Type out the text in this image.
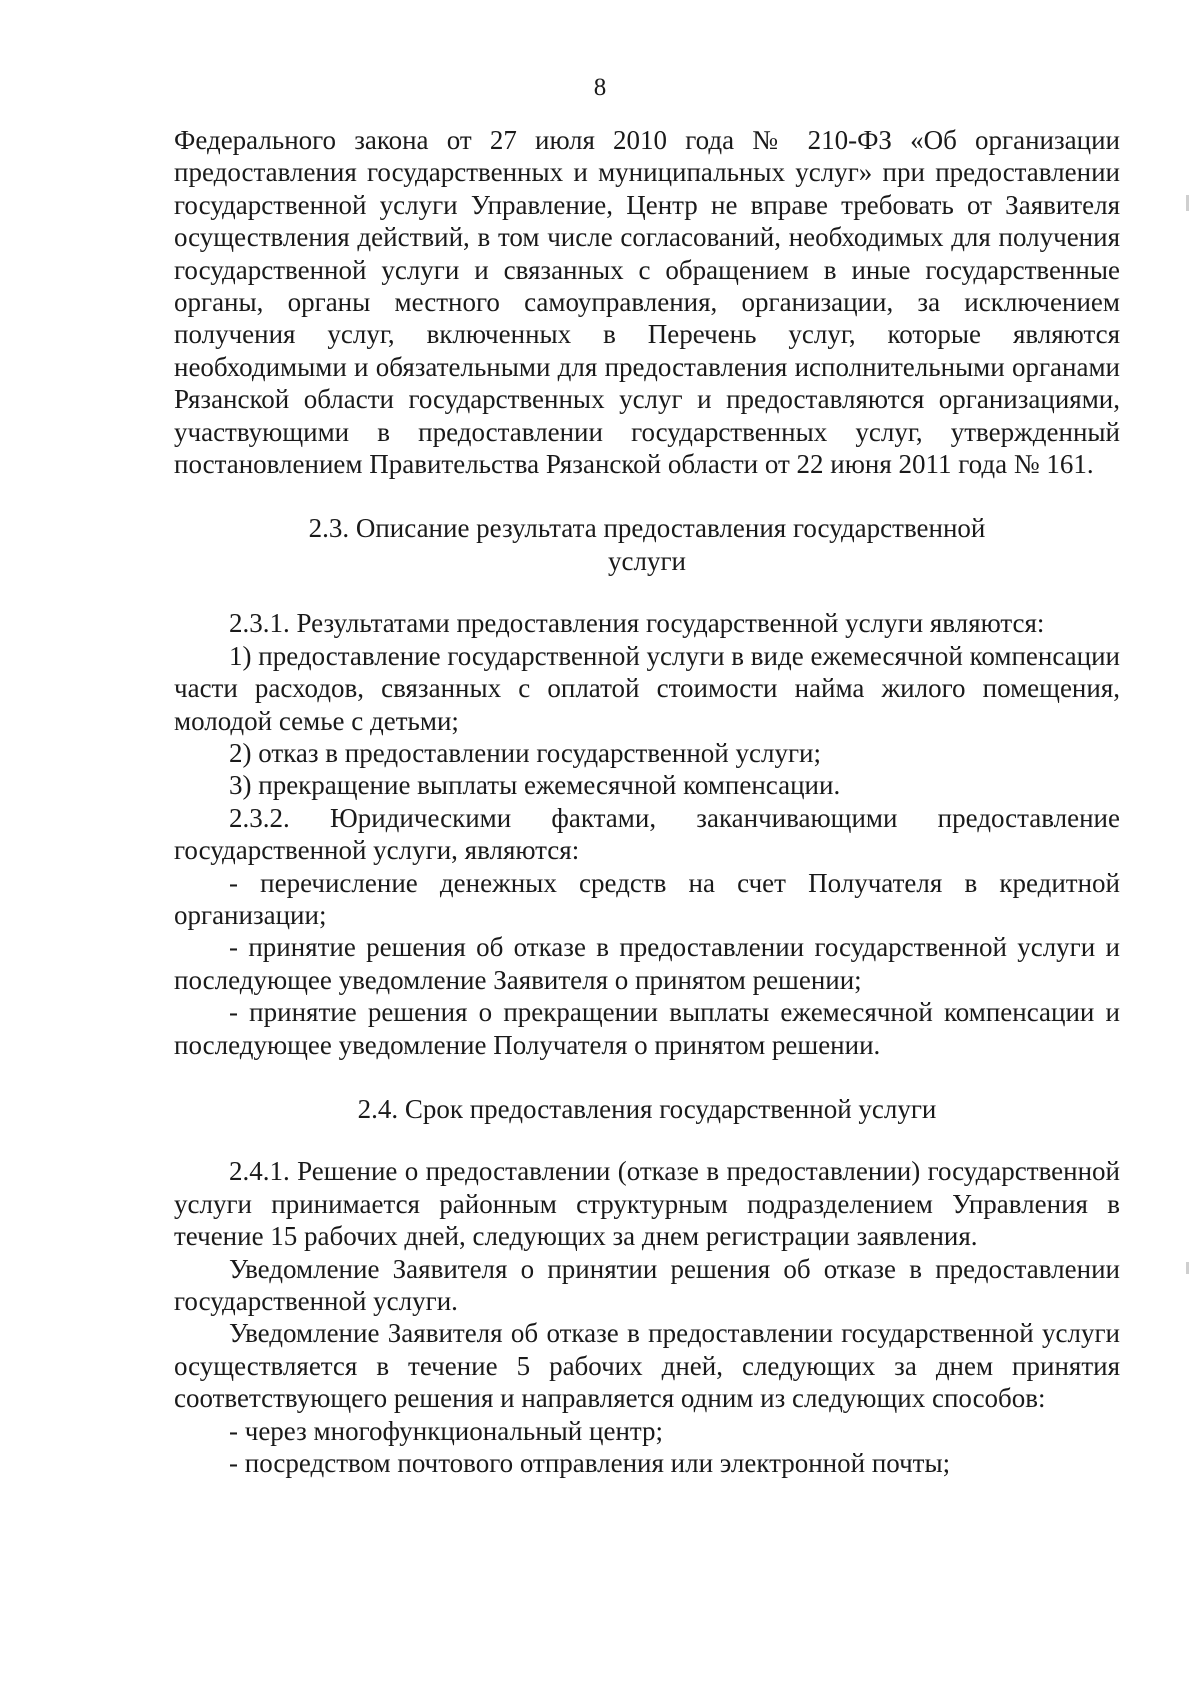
8

Федерального закона от 27 июля 2010 года № 210-ФЗ «Об организации предоставления государственных и муниципальных услуг» при предоставлении государственной услуги Управление, Центр не вправе требовать от Заявителя осуществления действий, в том числе согласований, необходимых для получения государственной услуги и связанных с обращением в иные государственные органы, органы местного самоуправления, организации, за исключением получения услуг, включенных в Перечень услуг, которые являются необходимыми и обязательными для предоставления исполнительными органами Рязанской области государственных услуг и предоставляются организациями, участвующими в предоставлении государственных услуг, утвержденный постановлением Правительства Рязанской области от 22 июня 2011 года № 161.

2.3. Описание результата предоставления государственной услуги

2.3.1. Результатами предоставления государственной услуги являются:

1) предоставление государственной услуги в виде ежемесячной компенсации части расходов, связанных с оплатой стоимости найма жилого помещения, молодой семье с детьми;

2) отказ в предоставлении государственной услуги;

3) прекращение выплаты ежемесячной компенсации.

2.3.2. Юридическими фактами, заканчивающими предоставление государственной услуги, являются:

- перечисление денежных средств на счет Получателя в кредитной организации;

- принятие решения об отказе в предоставлении государственной услуги и последующее уведомление Заявителя о принятом решении;

- принятие решения о прекращении выплаты ежемесячной компенсации и последующее уведомление Получателя о принятом решении.

2.4. Срок предоставления государственной услуги

2.4.1. Решение о предоставлении (отказе в предоставлении) государственной услуги принимается районным структурным подразделением Управления в течение 15 рабочих дней, следующих за днем регистрации заявления.

Уведомление Заявителя о принятии решения об отказе в предоставлении государственной услуги.

Уведомление Заявителя об отказе в предоставлении государственной услуги осуществляется в течение 5 рабочих дней, следующих за днем принятия соответствующего решения и направляется одним из следующих способов:

- через многофункциональный центр;

- посредством почтового отправления или электронной почты;
